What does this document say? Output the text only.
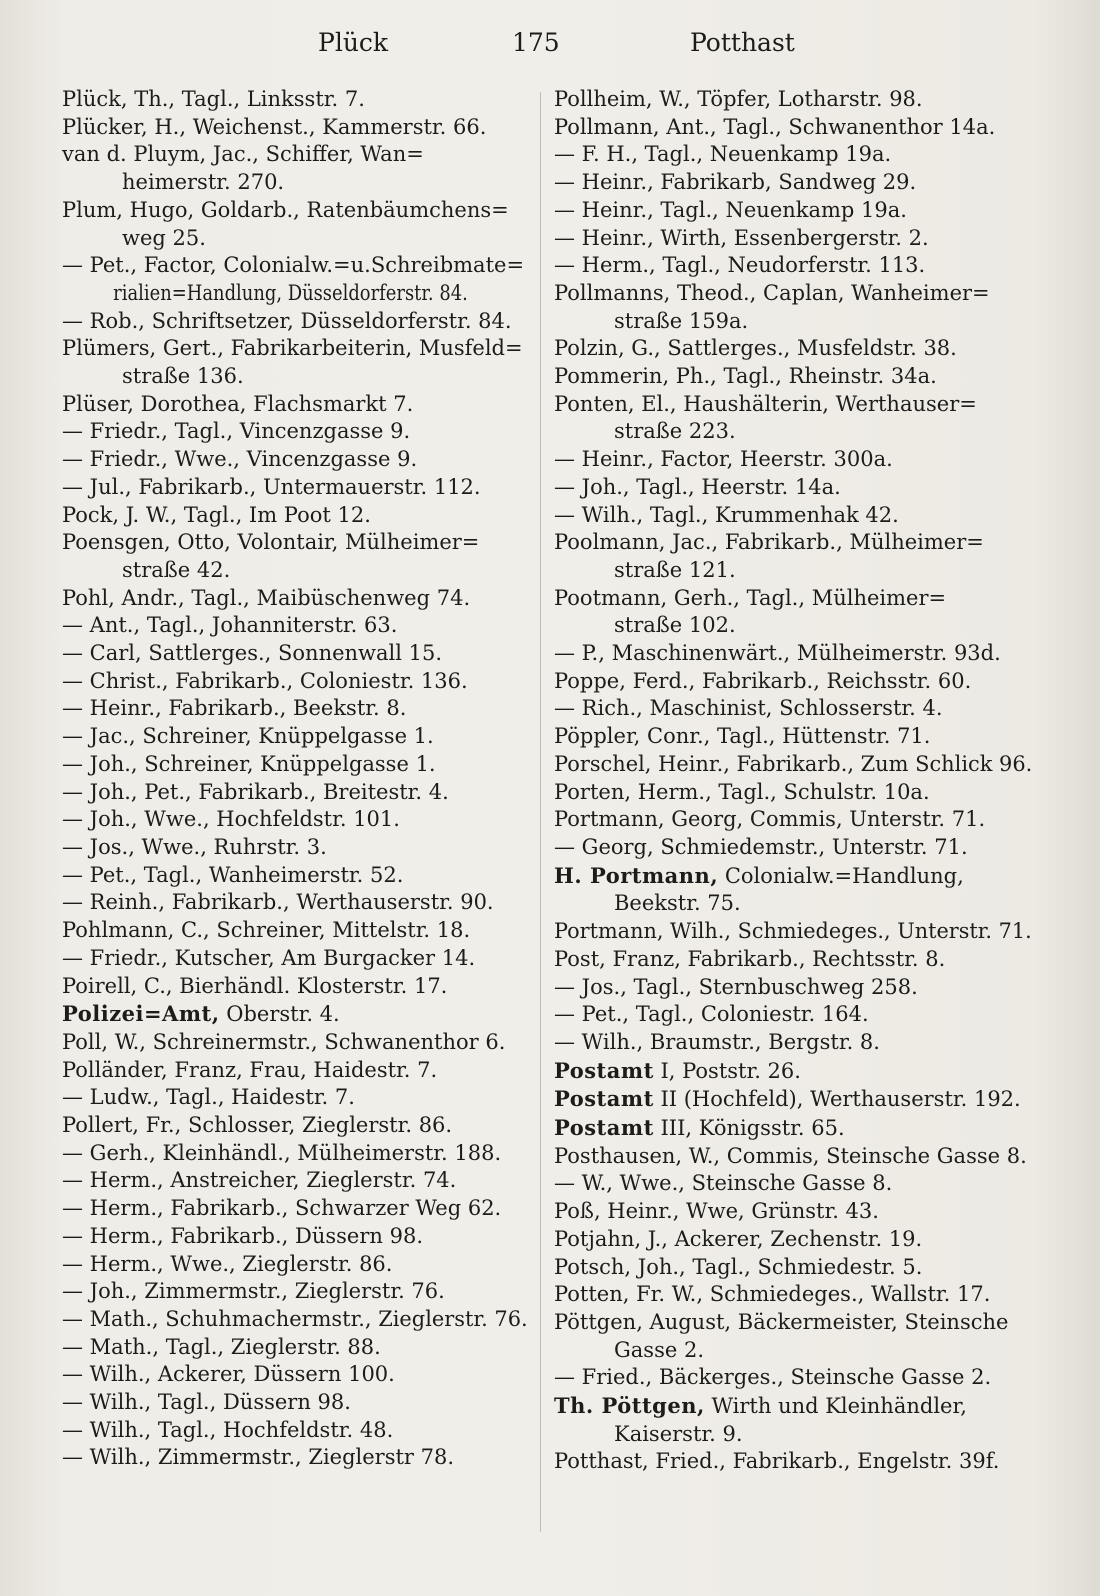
Plück	175	Potthast
Plück, Th., Tagl., Linksstr. 7.
Plücker, H., Weichenst., Kammerstr. 66.
van d. Pluym, Jac., Schiffer, Wan=
heimerstr. 270.
Plum, Hugo, Goldarb., Ratenbäumchens=
weg 25.
— Pet., Factor, Colonialw.=u.Schreibmate=
rialien=Handlung, Düsseldorferstr. 84.
— Rob., Schriftsetzer, Düsseldorferstr. 84.
Plümers, Gert., Fabrikarbeiterin, Musfeld=
straße 136.
Plüser, Dorothea, Flachsmarkt 7.
— Friedr., Tagl., Vincenzgasse 9.
— Friedr., Wwe., Vincenzgasse 9.
— Jul., Fabrikarb., Untermauerstr. 112.
Pock, J. W., Tagl., Im Poot 12.
Poensgen, Otto, Volontair, Mülheimer=
straße 42.
Pohl, Andr., Tagl., Maibüschenweg 74.
— Ant., Tagl., Johanniterstr. 63.
— Carl, Sattlerges., Sonnenwall 15.
— Christ., Fabrikarb., Coloniestr. 136.
— Heinr., Fabrikarb., Beekstr. 8.
— Jac., Schreiner, Knüppelgasse 1.
— Joh., Schreiner, Knüppelgasse 1.
— Joh., Pet., Fabrikarb., Breitestr. 4.
— Joh., Wwe., Hochfeldstr. 101.
— Jos., Wwe., Ruhrstr. 3.
— Pet., Tagl., Wanheimerstr. 52.
— Reinh., Fabrikarb., Werthauserstr. 90.
Pohlmann, C., Schreiner, Mittelstr. 18.
— Friedr., Kutscher, Am Burgacker 14.
Poirell, C., Bierhändl. Klosterstr. 17.
Polizei=Amt, Oberstr. 4.
Poll, W., Schreinermstr., Schwanenthor 6.
Polländer, Franz, Frau, Haidestr. 7.
— Ludw., Tagl., Haidestr. 7.
Pollert, Fr., Schlosser, Zieglerstr. 86.
— Gerh., Kleinhändl., Mülheimerstr. 188.
— Herm., Anstreicher, Zieglerstr. 74.
— Herm., Fabrikarb., Schwarzer Weg 62.
— Herm., Fabrikarb., Düssern 98.
— Herm., Wwe., Zieglerstr. 86.
— Joh., Zimmermstr., Zieglerstr. 76.
— Math., Schuhmachermstr., Zieglerstr. 76.
— Math., Tagl., Zieglerstr. 88.
— Wilh., Ackerer, Düssern 100.
— Wilh., Tagl., Düssern 98.
— Wilh., Tagl., Hochfeldstr. 48.
— Wilh., Zimmermstr., Zieglerstr 78.
Pollheim, W., Töpfer, Lotharstr. 98.
Pollmann, Ant., Tagl., Schwanenthor 14a.
— F. H., Tagl., Neuenkamp 19a.
— Heinr., Fabrikarb, Sandweg 29.
— Heinr., Tagl., Neuenkamp 19a.
— Heinr., Wirth, Essenbergerstr. 2.
— Herm., Tagl., Neudorferstr. 113.
Pollmanns, Theod., Caplan, Wanheimer=
straße 159a.
Polzin, G., Sattlerges., Musfeldstr. 38.
Pommerin, Ph., Tagl., Rheinstr. 34a.
Ponten, El., Haushälterin, Werthauser=
straße 223.
— Heinr., Factor, Heerstr. 300a.
— Joh., Tagl., Heerstr. 14a.
— Wilh., Tagl., Krummenhak 42.
Poolmann, Jac., Fabrikarb., Mülheimer=
straße 121.
Pootmann, Gerh., Tagl., Mülheimer=
straße 102.
— P., Maschinenwärt., Mülheimerstr. 93d.
Poppe, Ferd., Fabrikarb., Reichsstr. 60.
— Rich., Maschinist, Schlosserstr. 4.
Pöppler, Conr., Tagl., Hüttenstr. 71.
Porschel, Heinr., Fabrikarb., Zum Schlick 96.
Porten, Herm., Tagl., Schulstr. 10a.
Portmann, Georg, Commis, Unterstr. 71.
— Georg, Schmiedemstr., Unterstr. 71.
H. Portmann, Colonialw.=Handlung,
Beekstr. 75.
Portmann, Wilh., Schmiedeges., Unterstr. 71.
Post, Franz, Fabrikarb., Rechtsstr. 8.
— Jos., Tagl., Sternbuschweg 258.
— Pet., Tagl., Coloniestr. 164.
— Wilh., Braumstr., Bergstr. 8.
Postamt I, Poststr. 26.
Postamt II (Hochfeld), Werthauserstr. 192.
Postamt III, Königsstr. 65.
Posthausen, W., Commis, Steinsche Gasse 8.
— W., Wwe., Steinsche Gasse 8.
Poß, Heinr., Wwe, Grünstr. 43.
Potjahn, J., Ackerer, Zechenstr. 19.
Potsch, Joh., Tagl., Schmiedestr. 5.
Potten, Fr. W., Schmiedeges., Wallstr. 17.
Pöttgen, August, Bäckermeister, Steinsche
Gasse 2.
— Fried., Bäckerges., Steinsche Gasse 2.
Th. Pöttgen, Wirth und Kleinhändler,
Kaiserstr. 9.
Potthast, Fried., Fabrikarb., Engelstr. 39f.
